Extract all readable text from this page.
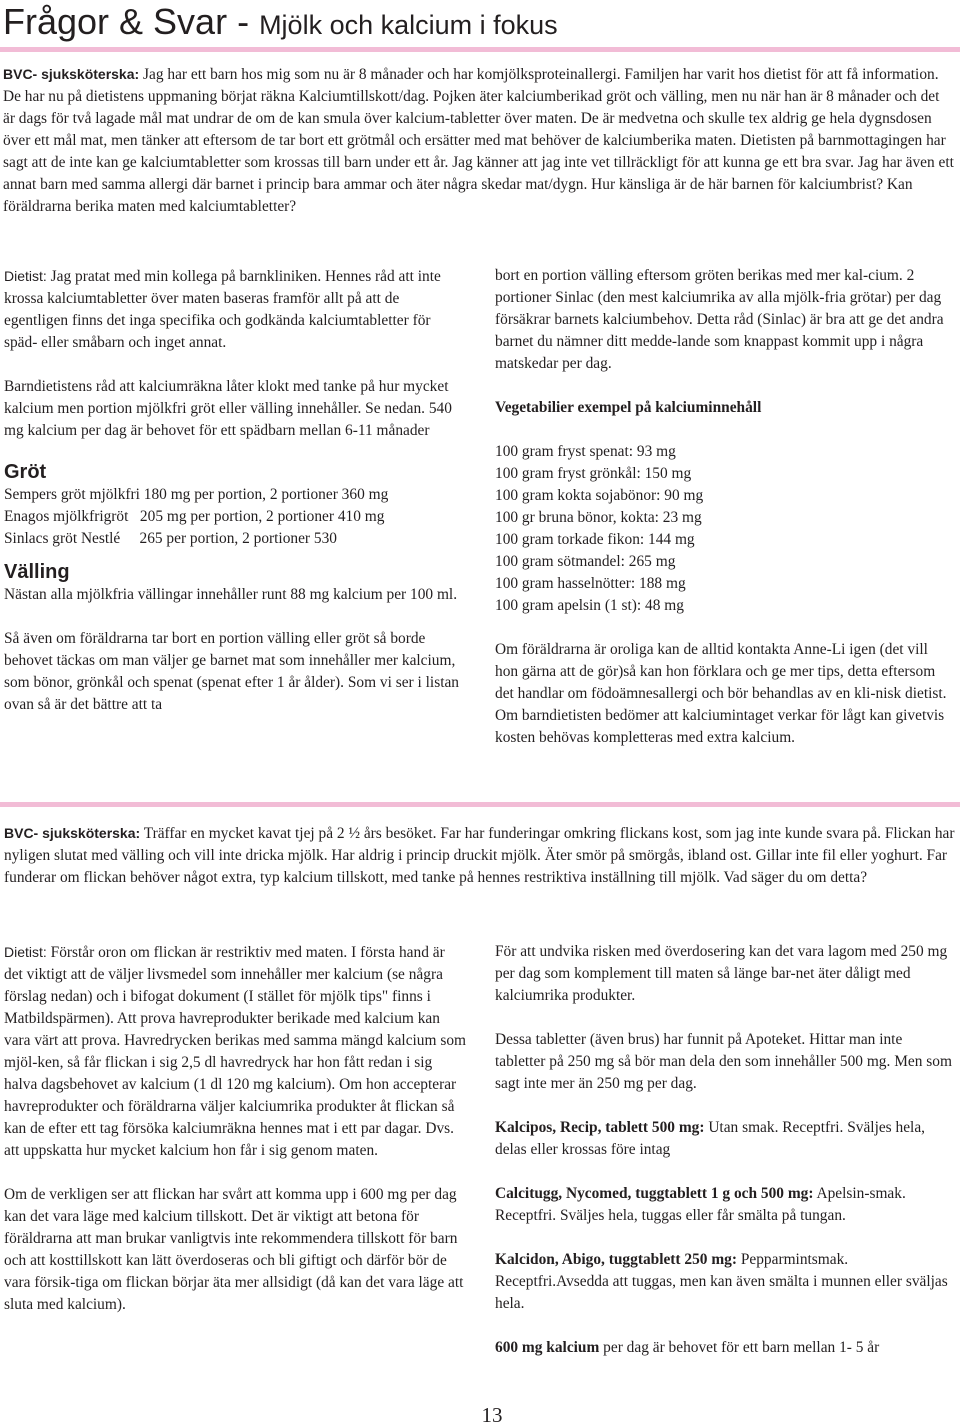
Frågor & Svar - Mjölk och kalcium i fokus

BVC- sjuksköterska: Jag har ett barn hos mig som nu är 8 månader och har komjölksproteinallergi. Familjen har varit hos dietist för att få information. De har nu på dietistens uppmaning börjat räkna Kalciumtillskott/dag. Pojken äter kalciumberikad gröt och välling, men nu när han är 8 månader och det är dags för två lagade mål mat undrar de om de kan smula över kalcium-tabletter över maten. De är medvetna och skulle tex aldrig ge hela dygnsdosen över ett mål mat, men tänker att eftersom de tar bort ett grötmål och ersätter med mat behöver de kalciumberika maten. Dietisten på barnmottagingen har sagt att de inte kan ge kalciumtabletter som krossas till barn under ett år. Jag känner att jag inte vet tillräckligt för att kunna ge ett bra svar. Jag har även ett annat barn med samma allergi där barnet i princip bara ammar och äter några skedar mat/dygn. Hur känsliga är de här barnen för kalciumbrist? Kan föräldrarna berika maten med kalciumtabletter?

Dietist: Jag pratat med min kollega på barnkliniken. Hennes råd att inte krossa kalciumtabletter över maten baseras framför allt på att de egentligen finns det inga specifika och godkända kalciumtabletter för späd- eller småbarn och inget annat.

Barndietistens råd att kalciumräkna låter klokt med tanke på hur mycket kalcium men portion mjölkfri gröt eller välling innehåller. Se nedan. 540 mg kalcium per dag är behovet för ett spädbarn mellan 6-11 månader

Gröt

Sempers gröt mjölkfri 180 mg per portion, 2 portioner 360 mg

Enagos mjölkfrigröt   205 mg per portion, 2 portioner 410 mg

Sinlacs gröt Nestlé     265 per portion, 2 portioner 530

Välling

Nästan alla mjölkfria vällingar innehåller runt 88 mg kalcium per 100 ml.

Så även om föräldrarna tar bort en portion välling eller gröt så borde behovet täckas om man väljer ge barnet mat som innehåller mer kalcium, som bönor, grönkål och spenat (spenat efter 1 år ålder). Som vi ser i listan ovan så är det bättre att ta

bort en portion välling eftersom gröten berikas med mer kal-cium. 2 portioner Sinlac (den mest kalciumrika av alla mjölk-fria grötar) per dag försäkrar barnets kalciumbehov. Detta råd (Sinlac) är bra att ge det andra barnet du nämner ditt medde-lande som knappast kommit upp i några matskedar per dag.

Vegetabilier exempel på kalciuminnehåll

100 gram fryst spenat: 93 mg

100 gram fryst grönkål: 150 mg

100 gram kokta sojabönor: 90 mg

100 gr bruna bönor, kokta: 23 mg

100 gram torkade fikon: 144 mg

100 gram sötmandel: 265 mg

100 gram hasselnötter: 188 mg

100 gram apelsin (1 st): 48 mg

Om föräldrarna är oroliga kan de alltid kontakta Anne-Li igen (det vill hon gärna att de gör)så kan hon förklara och ge mer tips, detta eftersom det handlar om födoämnesallergi och bör behandlas av en kli-nisk dietist. Om barndietisten bedömer att kalciumintaget verkar för lågt kan givetvis kosten behövas kompletteras med extra kalcium.

BVC- sjuksköterska: Träffar en mycket kavat tjej på 2 ½ års besöket. Far har funderingar omkring flickans kost, som jag inte kunde svara på. Flickan har nyligen slutat med välling och vill inte dricka mjölk. Har aldrig i princip druckit mjölk. Äter smör på smörgås, ibland ost. Gillar inte fil eller yoghurt. Far funderar om flickan behöver något extra, typ kalcium tillskott, med tanke på hennes restriktiva inställning till mjölk. Vad säger du om detta?

Dietist: Förstår oron om flickan är restriktiv med maten. I första hand är det viktigt att de väljer livsmedel som innehåller mer kalcium (se några förslag nedan) och i bifogat dokument (I stället för mjölk tips" finns i Matbildspärmen). Att prova havreprodukter berikade med kalcium kan vara värt att prova. Havredrycken berikas med samma mängd kalcium som mjöl-ken, så får flickan i sig 2,5 dl havredryck har hon fått redan i sig halva dagsbehovet av kalcium (1 dl 120 mg kalcium). Om hon accepterar havreprodukter och föräldrarna väljer kalciumrika produkter åt flickan så kan de efter ett tag försöka kalciumräkna hennes mat i ett par dagar. Dvs. att uppskatta hur mycket kalcium hon får i sig genom maten.

Om de verkligen ser att flickan har svårt att komma upp i 600 mg per dag kan det vara läge med kalcium tillskott. Det är viktigt att betona för föräldrarna att man brukar vanligtvis inte rekommendera tillskott för barn och att kosttillskott kan lätt överdoseras och bli giftigt och därför bör de vara försik-tiga om flickan börjar äta mer allsidigt (då kan det vara läge att sluta med kalcium).

För att undvika risken med överdosering kan det vara lagom med 250 mg per dag som komplement till maten så länge bar-net äter dåligt med kalciumrika produkter.

Dessa tabletter (även brus) har funnit på Apoteket. Hittar man inte tabletter på 250 mg så bör man dela den som innehåller 500 mg. Men som sagt inte mer än 250 mg per dag.

Kalcipos, Recip, tablett 500 mg: Utan smak. Receptfri. Sväljes hela, delas eller krossas före intag

Calcitugg, Nycomed, tuggtablett 1 g och 500 mg: Apelsin-smak. Receptfri. Sväljes hela, tuggas eller får smälta på tungan.

Kalcidon, Abigo, tuggtablett 250 mg: Pepparmintsmak. Receptfri.Avsedda att tuggas, men kan även smälta i munnen eller sväljas hela.

600 mg kalcium per dag är behovet för ett barn mellan 1- 5 år

13
